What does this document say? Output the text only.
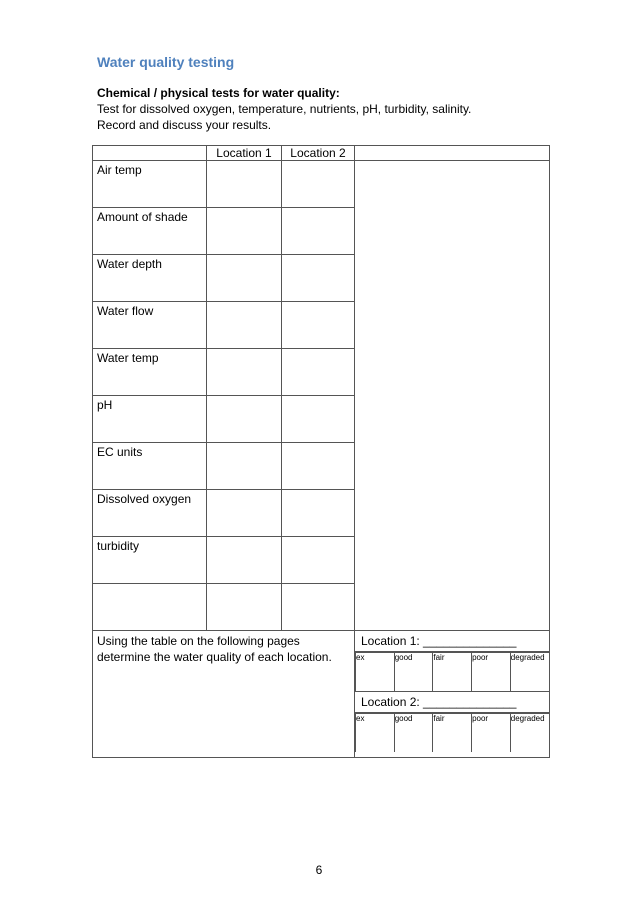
Water quality testing
Chemical / physical tests for water quality:
Test for dissolved oxygen, temperature, nutrients, pH, turbidity, salinity.
Record and discuss your results.
	Location 1	Location 2	
Air temp			
Amount of shade		
Water depth		
Water flow		
Water temp		
pH		
EC units		
Dissolved oxygen		
turbidity		

Using the table on the following pages
determine the water quality of each location.

Location 1: ______________
ex	good	fair	poor	degraded
Location 2: ______________
ex	good	fair	poor	degraded
6
